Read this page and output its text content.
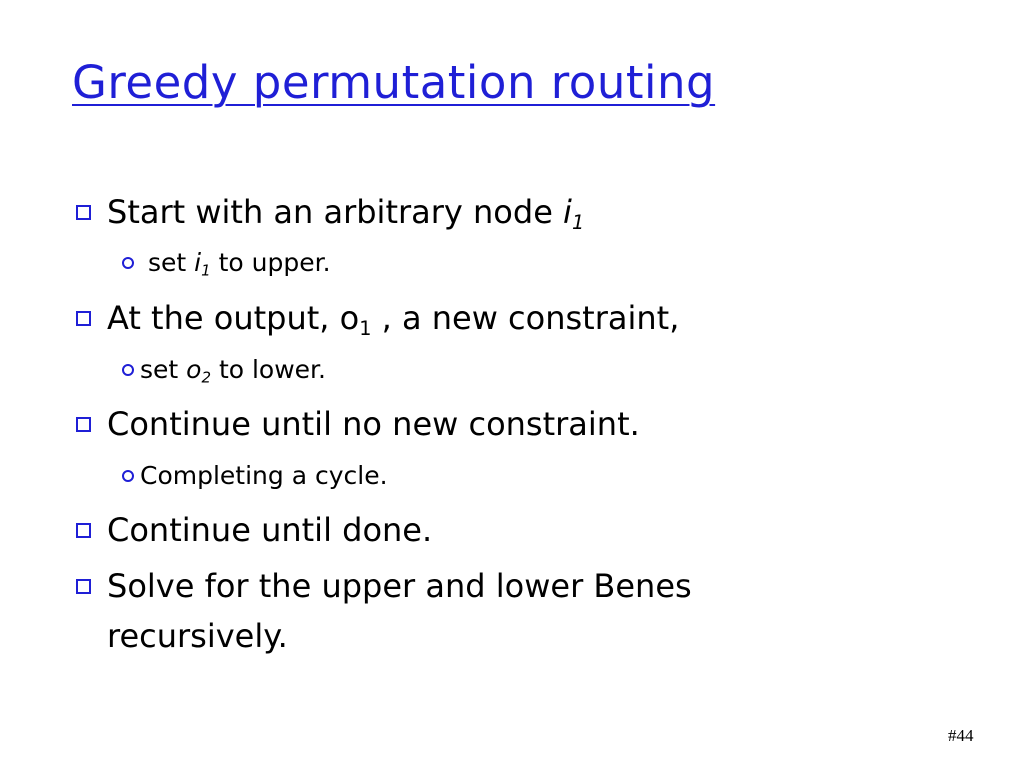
Greedy permutation routing
Start with an arbitrary node $i_1$
set $i_1$ to upper.
At the output, $o_1$ , a new constraint,
set $o_2$ to lower.
Continue until no new constraint.
Completing a cycle.
Continue until done.
Solve for the upper and lower Benes
recursively.
#44
